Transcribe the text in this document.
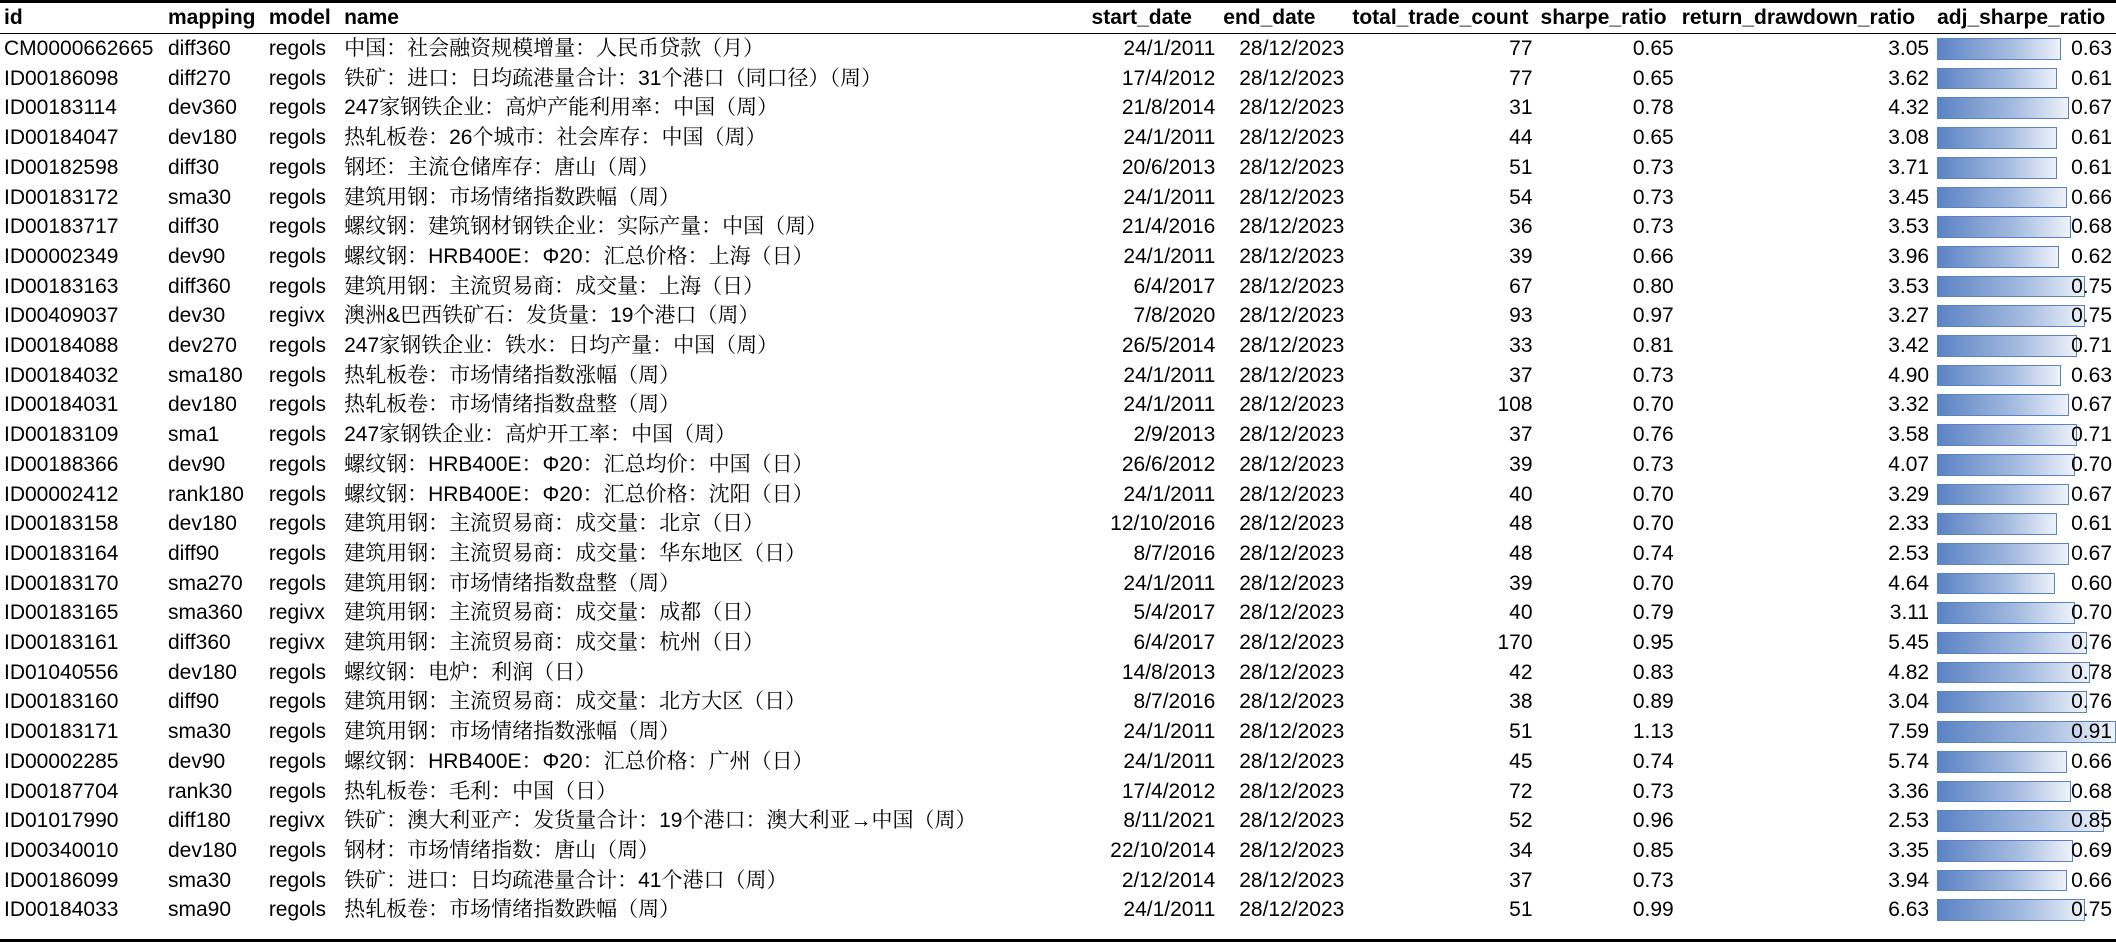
id	mapping	model	name	start_date	end_date	total_trade_count	sharpe_ratio	return_drawdown_ratio	adj_sharpe_ratio
CM0000662665	diff360	regols	中国：社会融资规模增量：人民币贷款（月）	24/1/2011	28/12/2023	77	0.65	3.05	0.63

ID00186098	diff270	regols	铁矿：进口：日均疏港量合计：31个港口（同口径）（周）	17/4/2012	28/12/2023	77	0.65	3.62	0.61

ID00183114	dev360	regols	247家钢铁企业：高炉产能利用率：中国（周）	21/8/2014	28/12/2023	31	0.78	4.32	0.67

ID00184047	dev180	regols	热轧板卷：26个城市：社会库存：中国（周）	24/1/2011	28/12/2023	44	0.65	3.08	0.61

ID00182598	diff30	regols	钢坯：主流仓储库存：唐山（周）	20/6/2013	28/12/2023	51	0.73	3.71	0.61

ID00183172	sma30	regols	建筑用钢：市场情绪指数跌幅（周）	24/1/2011	28/12/2023	54	0.73	3.45	0.66

ID00183717	diff30	regols	螺纹钢：建筑钢材钢铁企业：实际产量：中国（周）	21/4/2016	28/12/2023	36	0.73	3.53	0.68

ID00002349	dev90	regols	螺纹钢：HRB400E：Φ20：汇总价格：上海（日）	24/1/2011	28/12/2023	39	0.66	3.96	0.62

ID00183163	diff360	regols	建筑用钢：主流贸易商：成交量：上海（日）	6/4/2017	28/12/2023	67	0.80	3.53	0.75

ID00409037	dev30	regivx	澳洲&巴西铁矿石：发货量：19个港口（周）	7/8/2020	28/12/2023	93	0.97	3.27	0.75

ID00184088	dev270	regols	247家钢铁企业：铁水：日均产量：中国（周）	26/5/2014	28/12/2023	33	0.81	3.42	0.71

ID00184032	sma180	regols	热轧板卷：市场情绪指数涨幅（周）	24/1/2011	28/12/2023	37	0.73	4.90	0.63

ID00184031	dev180	regols	热轧板卷：市场情绪指数盘整（周）	24/1/2011	28/12/2023	108	0.70	3.32	0.67

ID00183109	sma1	regols	247家钢铁企业：高炉开工率：中国（周）	2/9/2013	28/12/2023	37	0.76	3.58	0.71

ID00188366	dev90	regols	螺纹钢：HRB400E：Φ20：汇总均价：中国（日）	26/6/2012	28/12/2023	39	0.73	4.07	0.70

ID00002412	rank180	regols	螺纹钢：HRB400E：Φ20：汇总价格：沈阳（日）	24/1/2011	28/12/2023	40	0.70	3.29	0.67

ID00183158	dev180	regols	建筑用钢：主流贸易商：成交量：北京（日）	12/10/2016	28/12/2023	48	0.70	2.33	0.61

ID00183164	diff90	regols	建筑用钢：主流贸易商：成交量：华东地区（日）	8/7/2016	28/12/2023	48	0.74	2.53	0.67

ID00183170	sma270	regols	建筑用钢：市场情绪指数盘整（周）	24/1/2011	28/12/2023	39	0.70	4.64	0.60

ID00183165	sma360	regivx	建筑用钢：主流贸易商：成交量：成都（日）	5/4/2017	28/12/2023	40	0.79	3.11	0.70

ID00183161	diff360	regivx	建筑用钢：主流贸易商：成交量：杭州（日）	6/4/2017	28/12/2023	170	0.95	5.45	0.76

ID01040556	dev180	regols	螺纹钢：电炉：利润（日）	14/8/2013	28/12/2023	42	0.83	4.82	0.78

ID00183160	diff90	regols	建筑用钢：主流贸易商：成交量：北方大区（日）	8/7/2016	28/12/2023	38	0.89	3.04	0.76

ID00183171	sma30	regols	建筑用钢：市场情绪指数涨幅（周）	24/1/2011	28/12/2023	51	1.13	7.59	0.91

ID00002285	dev90	regols	螺纹钢：HRB400E：Φ20：汇总价格：广州（日）	24/1/2011	28/12/2023	45	0.74	5.74	0.66

ID00187704	rank30	regols	热轧板卷：毛利：中国（日）	17/4/2012	28/12/2023	72	0.73	3.36	0.68

ID01017990	diff180	regivx	铁矿：澳大利亚产：发货量合计：19个港口：澳大利亚→中国（周）	8/11/2021	28/12/2023	52	0.96	2.53	0.85

ID00340010	dev180	regols	钢材：市场情绪指数：唐山（周）	22/10/2014	28/12/2023	34	0.85	3.35	0.69

ID00186099	sma30	regols	铁矿：进口：日均疏港量合计：41个港口（周）	2/12/2014	28/12/2023	37	0.73	3.94	0.66

ID00184033	sma90	regols	热轧板卷：市场情绪指数跌幅（周）	24/1/2011	28/12/2023	51	0.99	6.63	0.75
